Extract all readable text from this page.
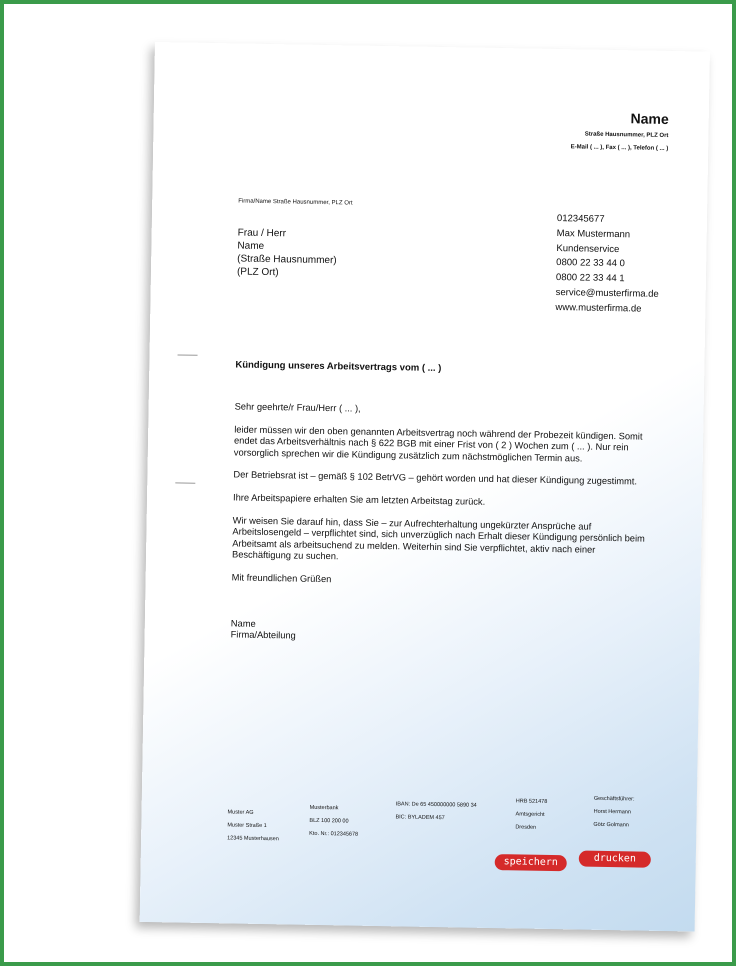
Name
Straße Hausnummer, PLZ Ort
E-Mail ( ... ), Fax ( ... ), Telefon ( ... )
Firma/Name Straße Hausnummer, PLZ Ort
Frau / Herr
Name
(Straße Hausnummer)
(PLZ Ort)
012345677
Max Mustermann
Kundenservice
0800 22 33 44 0
0800 22 33 44 1
service@musterfirma.de
www.musterfirma.de
Kündigung unseres Arbeitsvertrags vom ( ... )

Sehr geehrte/r Frau/Herr ( ... ),

leider müssen wir den oben genannten Arbeitsvertrag noch während der Probezeit kündigen. Somit endet das Arbeitsverhältnis nach § 622 BGB mit einer Frist von ( 2 ) Wochen zum ( ... ). Nur rein vorsorglich sprechen wir die Kündigung zusätzlich zum nächstmöglichen Termin aus.

Der Betriebsrat ist – gemäß § 102 BetrVG – gehört worden und hat dieser Kündigung zugestimmt.

Ihre Arbeitspapiere erhalten Sie am letzten Arbeitstag zurück.

Wir weisen Sie darauf hin, dass Sie – zur Aufrechterhaltung ungekürzter Ansprüche auf Arbeitslosengeld – verpflichtet sind, sich unverzüglich nach Erhalt dieser Kündigung persönlich beim Arbeitsamt als arbeitsuchend zu melden. Weiterhin sind Sie verpflichtet, aktiv nach einer Beschäftigung zu suchen.

Mit freundlichen Grüßen

Name

Firma/Abteilung

Muster AG
Muster Straße 1
12345 Musterhausen
Musterbank
BLZ 100 200 00
Kto. Nr.: 012345678
IBAN: De 65 450000000 5890 34
BIC: BYLADEM 457
HRB 521478
Amtsgericht
Dresden
Geschäftsführer:
Horst Hermann
Götz Golmann
speichern	drucken
